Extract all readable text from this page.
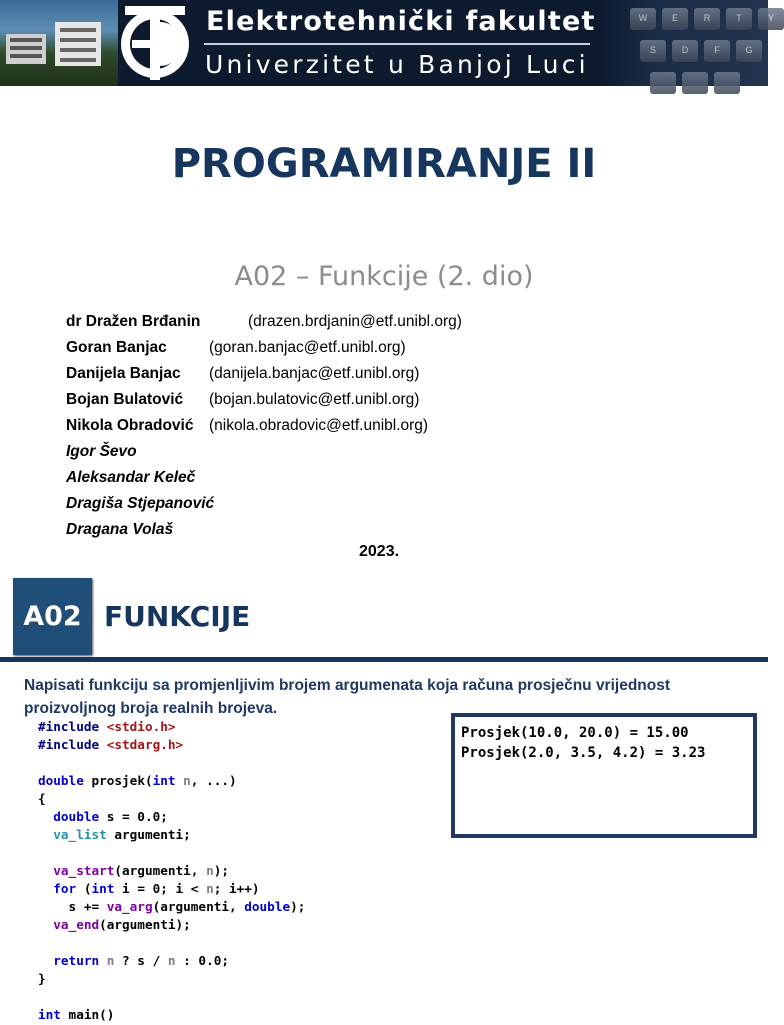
Elektrotehnički fakultet
Univerzitet u Banjoj Luci
W	E	R	T	Y
S	D	F	G
PROGRAMIRANJE II
A02 – Funkcije (2. dio)
dr Dražen Brđanin	(drazen.brdjanin@etf.unibl.org)
Goran Banjac	(goran.banjac@etf.unibl.org)
Danijela Banjac (danijela.banjac@etf.unibl.org)
Bojan Bulatović (bojan.bulatovic@etf.unibl.org)
Nikola Obradović (nikola.obradovic@etf.unibl.org)
Igor Ševo
Aleksandar Keleč
Dragiša Stjepanović
Dragana Volaš
2023.
A02 FUNKCIJE
Napisati funkciju sa promjenljivim brojem argumenata koja računa prosječnu vrijednost proizvoljnog broja realnih brojeva.
#include <stdio.h>
#include <stdarg.h>
double prosjek(int n, ...)
{
double s = 0.0;
va_list argumenti;
va_start(argumenti, n);
for (int i = 0; i < n; i++)
s += va_arg(argumenti, double);
va_end(argumenti);
return n ? s / n : 0.0;
}
int main()
Prosjek(10.0, 20.0) = 15.00
Prosjek(2.0, 3.5, 4.2) = 3.23
